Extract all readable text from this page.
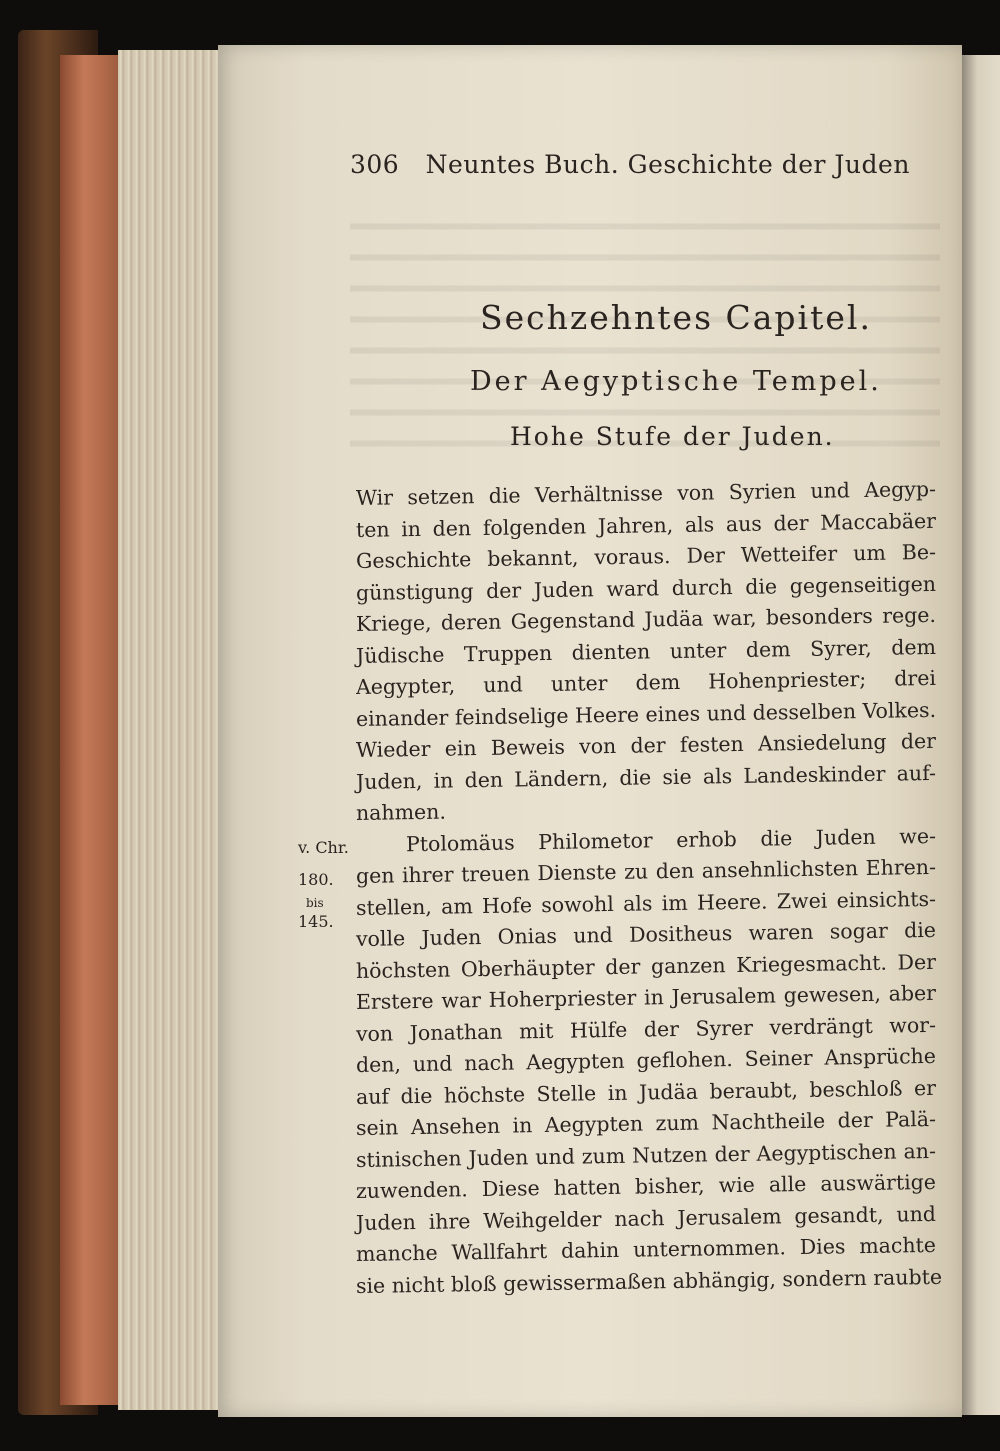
306 Neuntes Buch. Geschichte der Juden
Sechzehntes Capitel.
Der Aegyptische Tempel.
Hohe Stufe der Juden.
v. Chr.
180.
bis
145.
Wir setzen die Verhältnisse von Syrien und Aegyp-
ten in den folgenden Jahren, als aus der Maccabäer
Geschichte bekannt, voraus. Der Wetteifer um Be-
günstigung der Juden ward durch die gegenseitigen
Kriege, deren Gegenstand Judäa war, besonders rege.
Jüdische Truppen dienten unter dem Syrer, dem
Aegypter, und unter dem Hohenpriester; drei
einander feindselige Heere eines und desselben Volkes.
Wieder ein Beweis von der festen Ansiedelung der
Juden, in den Ländern, die sie als Landeskinder auf-
nahmen.
Ptolomäus Philometor erhob die Juden we-
gen ihrer treuen Dienste zu den ansehnlichsten Ehren-
stellen, am Hofe sowohl als im Heere. Zwei einsichts-
volle Juden Onias und Dositheus waren sogar die
höchsten Oberhäupter der ganzen Kriegesmacht. Der
Erstere war Hoherpriester in Jerusalem gewesen, aber
von Jonathan mit Hülfe der Syrer verdrängt wor-
den, und nach Aegypten geflohen. Seiner Ansprüche
auf die höchste Stelle in Judäa beraubt, beschloß er
sein Ansehen in Aegypten zum Nachtheile der Palä-
stinischen Juden und zum Nutzen der Aegyptischen an-
zuwenden. Diese hatten bisher, wie alle auswärtige
Juden ihre Weihgelder nach Jerusalem gesandt, und
manche Wallfahrt dahin unternommen. Dies machte
sie nicht bloß gewissermaßen abhängig, sondern raubte
